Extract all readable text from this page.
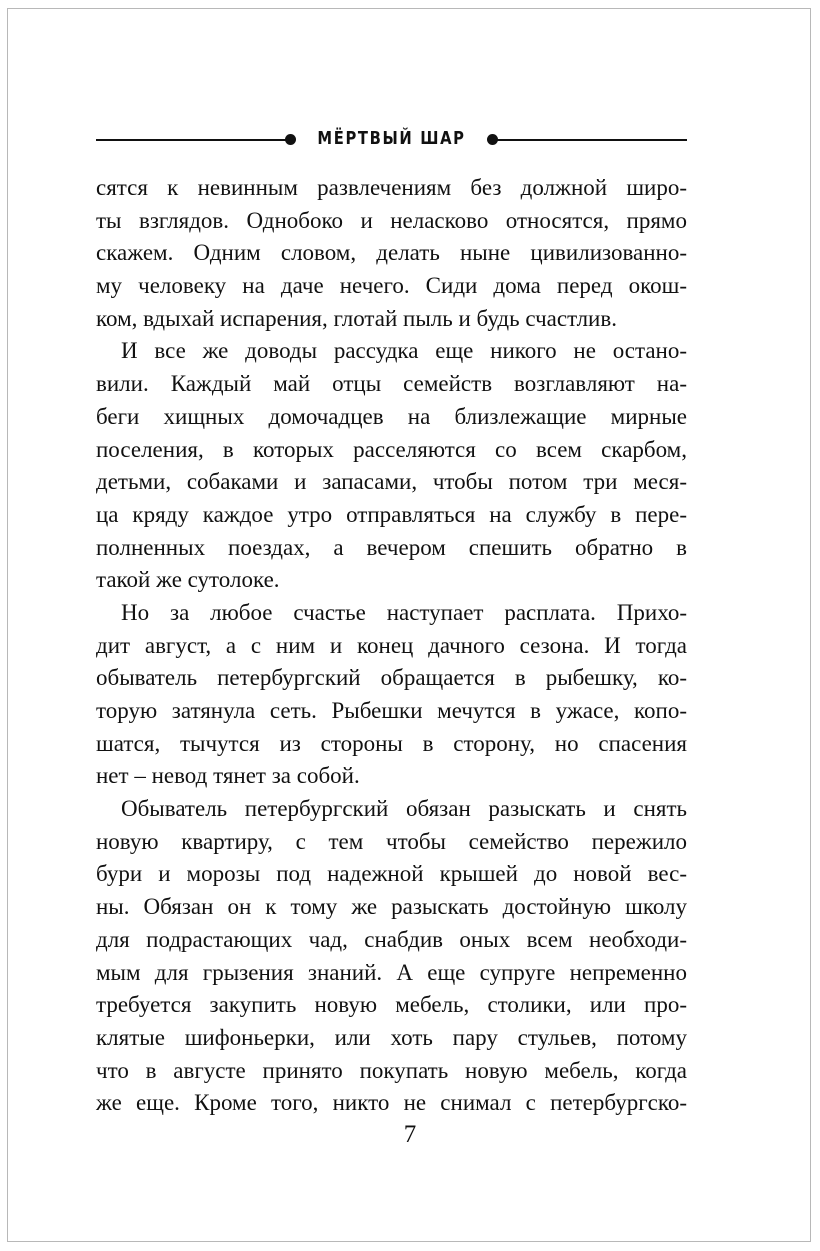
МЁРТВЫЙ ШАР
сятся к невинным развлечениям без должной широ-
ты взглядов. Однобоко и неласково относятся, прямо
скажем. Одним словом, делать ныне цивилизованно-
му человеку на даче нечего. Сиди дома перед окош-
ком, вдыхай испарения, глотай пыль и будь счастлив.
И все же доводы рассудка еще никого не остано-
вили. Каждый май отцы семейств возглавляют на-
беги хищных домочадцев на близлежащие мирные
поселения, в которых расселяются со всем скарбом,
детьми, собаками и запасами, чтобы потом три меся-
ца кряду каждое утро отправляться на службу в пере-
полненных поездах, а вечером спешить обратно в
такой же сутолоке.
Но за любое счастье наступает расплата. Прихо-
дит август, а с ним и конец дачного сезона. И тогда
обыватель петербургский обращается в рыбешку, ко-
торую затянула сеть. Рыбешки мечутся в ужасе, копо-
шатся, тычутся из стороны в сторону, но спасения
нет – невод тянет за собой.
Обыватель петербургский обязан разыскать и снять
новую квартиру, с тем чтобы семейство пережило
бури и морозы под надежной крышей до новой вес-
ны. Обязан он к тому же разыскать достойную школу
для подрастающих чад, снабдив оных всем необходи-
мым для грызения знаний. А еще супруге непременно
требуется закупить новую мебель, столики, или про-
клятые шифоньерки, или хоть пару стульев, потому
что в августе принято покупать новую мебель, когда
же еще. Кроме того, никто не снимал с петербургско-
7
